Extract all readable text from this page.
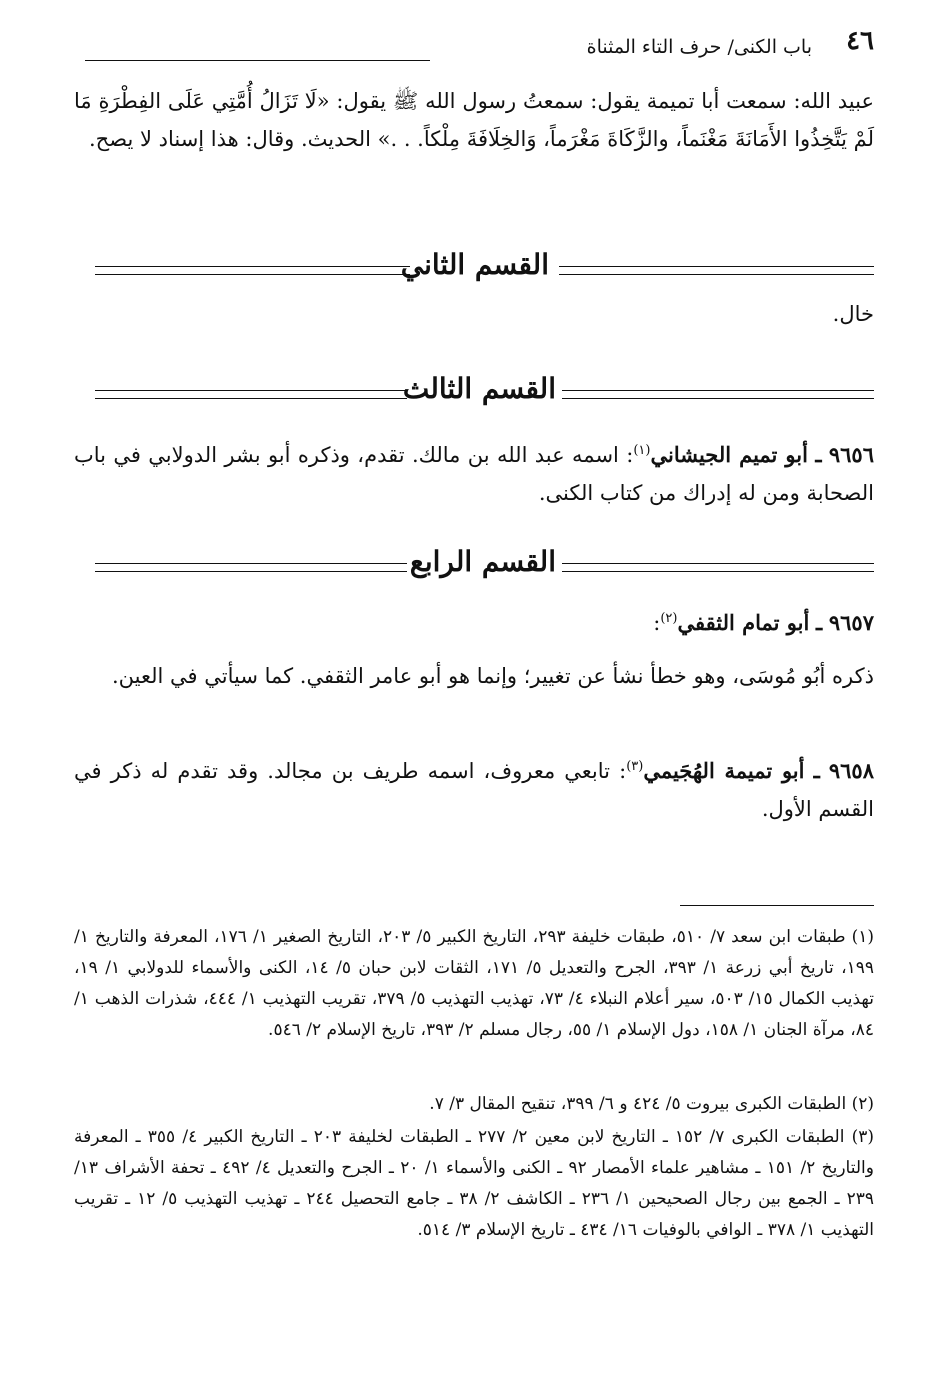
٤٦
باب الكنى/ حرف التاء المثناة
عبيد الله: سمعت أبا تميمة يقول: سمعتُ رسول الله ﷺ يقول: «لَا تَزَالُ أُمَّتِي عَلَى الفِطْرَةِ مَا لَمْ يَتَّخِذُوا الأَمَانَةَ مَغْنَماً، والزَّكَاةَ مَغْرَماً، وَالخِلَافَةَ مِلْكاً. . .» الحديث. وقال: هذا إسناد لا يصح.
القسم الثاني
خال.
القسم الثالث
٩٦٥٦ ـ أبو تميم الجيشاني$^{(١)}$: اسمه عبد الله بن مالك. تقدم، وذكره أبو بشر الدولابي في باب الصحابة ومن له إدراك من كتاب الكنى.
القسم الرابع
٩٦٥٧ ـ أبو تمام الثقفي$^{(٢)}$:
ذكره أبُو مُوسَى، وهو خطأ نشأ عن تغيير؛ وإنما هو أبو عامر الثقفي. كما سيأتي في العين.
٩٦٥٨ ـ أبو تميمة الهُجَيمي$^{(٣)}$: تابعي معروف، اسمه طريف بن مجالد. وقد تقدم له ذكر في القسم الأول.
(١) طبقات ابن سعد ٧/ ٥١٠، طبقات خليفة ٢٩٣، التاريخ الكبير ٥/ ٢٠٣، التاريخ الصغير ١/ ١٧٦، المعرفة والتاريخ ١/ ١٩٩، تاريخ أبي زرعة ١/ ٣٩٣، الجرح والتعديل ٥/ ١٧١، الثقات لابن حبان ٥/ ١٤، الكنى والأسماء للدولابي ١/ ١٩، تهذيب الكمال ١٥/ ٥٠٣، سير أعلام النبلاء ٤/ ٧٣، تهذيب التهذيب ٥/ ٣٧٩، تقريب التهذيب ١/ ٤٤٤، شذرات الذهب ١/ ٨٤، مرآة الجنان ١/ ١٥٨، دول الإسلام ١/ ٥٥، رجال مسلم ٢/ ٣٩٣، تاريخ الإسلام ٢/ ٥٤٦.
(٢) الطبقات الكبرى بيروت ٥/ ٤٢٤ و ٦/ ٣٩٩، تنقيح المقال ٣/ ٧.
(٣) الطبقات الكبرى ٧/ ١٥٢ ـ التاريخ لابن معين ٢/ ٢٧٧ ـ الطبقات لخليفة ٢٠٣ ـ التاريخ الكبير ٤/ ٣٥٥ ـ المعرفة والتاريخ ٢/ ١٥١ ـ مشاهير علماء الأمصار ٩٢ ـ الكنى والأسماء ١/ ٢٠ ـ الجرح والتعديل ٤/ ٤٩٢ ـ تحفة الأشراف ١٣/ ٢٣٩ ـ الجمع بين رجال الصحيحين ١/ ٢٣٦ ـ الكاشف ٢/ ٣٨ ـ جامع التحصيل ٢٤٤ ـ تهذيب التهذيب ٥/ ١٢ ـ تقريب التهذيب ١/ ٣٧٨ ـ الوافي بالوفيات ١٦/ ٤٣٤ ـ تاريخ الإسلام ٣/ ٥١٤.
